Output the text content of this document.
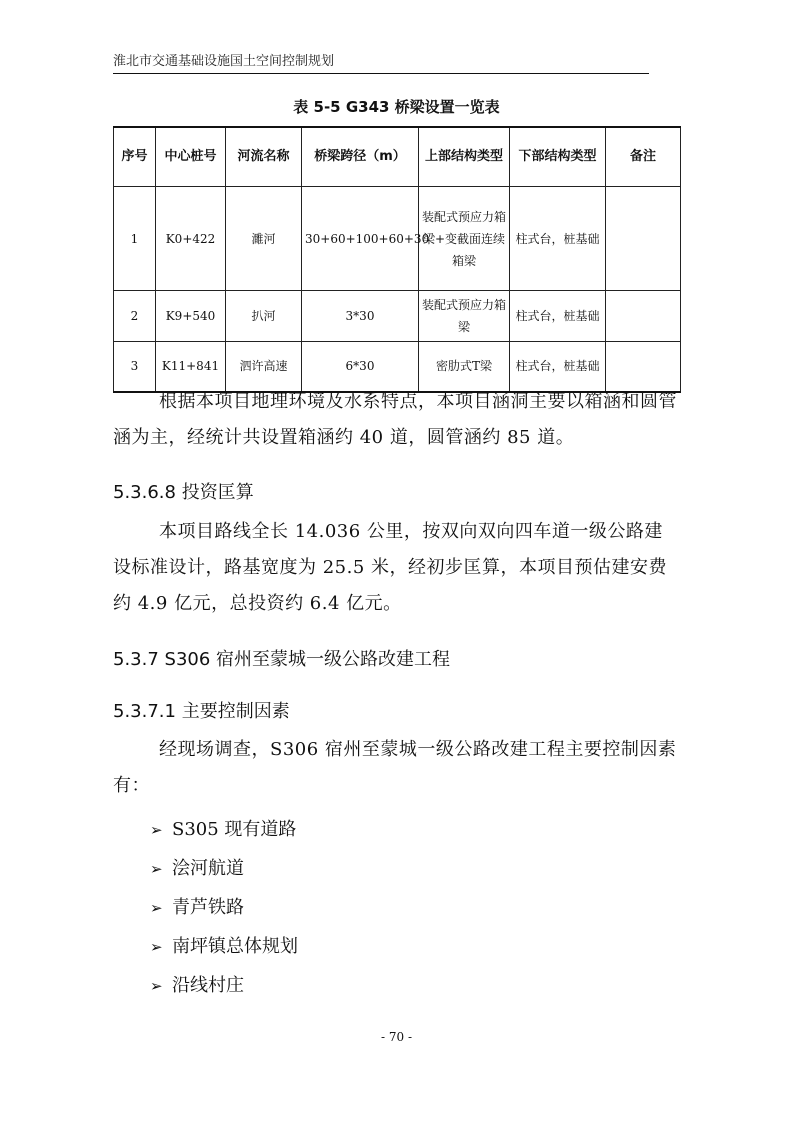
淮北市交通基础设施国土空间控制规划
表 5-5 G343 桥梁设置一览表
序号	中心桩号	河流名称	桥梁跨径（m）	上部结构类型	下部结构类型	备注
1	K0+422	濉河	30+60+100+60+30	装配式预应力箱梁+变截面连续箱梁	柱式台，桩基础	
2	K9+540	扒河	3*30	装配式预应力箱梁	柱式台，桩基础	
3	K11+841	泗许高速	6*30	密肋式T梁	柱式台，桩基础	
根据本项目地理环境及水系特点，本项目涵洞主要以箱涵和圆管涵为主，经统计共设置箱涵约 40 道，圆管涵约 85 道。
5.3.6.8 投资匡算
本项目路线全长 14.036 公里，按双向双向四车道一级公路建设标准设计，路基宽度为 25.5 米，经初步匡算，本项目预估建安费约 4.9 亿元，总投资约 6.4 亿元。
5.3.7 S306 宿州至蒙城一级公路改建工程
5.3.7.1 主要控制因素
经现场调查，S306 宿州至蒙城一级公路改建工程主要控制因素有：
➢ S305 现有道路
➢ 浍河航道
➢ 青芦铁路
➢ 南坪镇总体规划
➢ 沿线村庄
- 70 -
